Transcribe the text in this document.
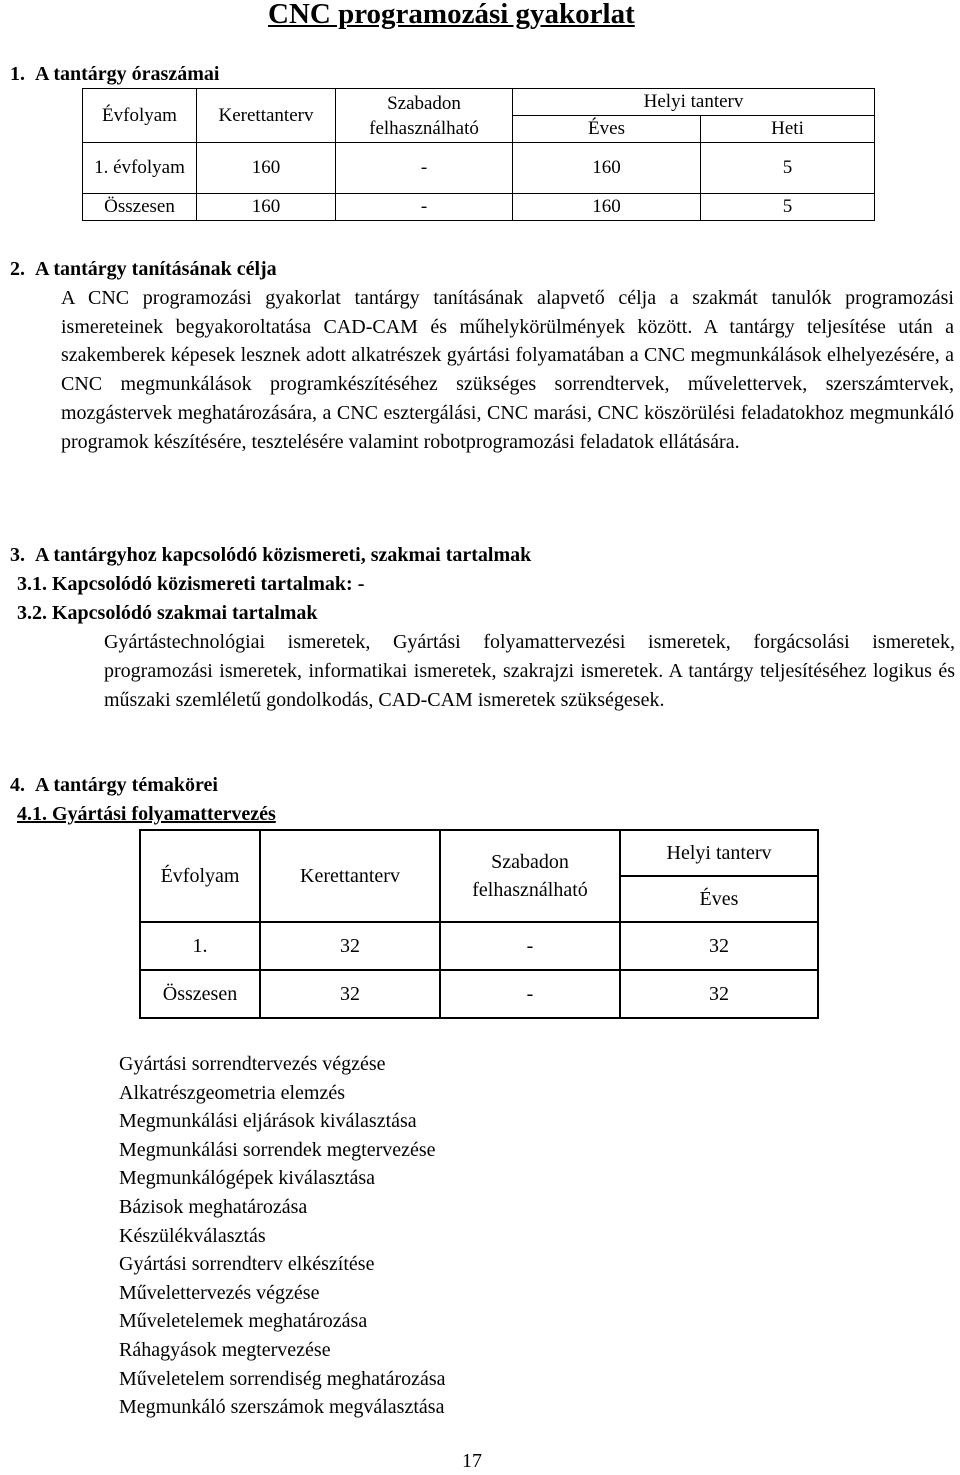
CNC programozási gyakorlat

1.  A tantárgy óraszámai

Évfolyam	Kerettanterv	Szabadon felhasználható	Helyi tanterv	
			Éves	Heti
1. évfolyam	160	-	160	5
Összesen	160	-	160	5

2.  A tantárgy tanításának célja

A CNC programozási gyakorlat tantárgy tanításának alapvető célja a szakmát tanulók programozási ismereteinek begyakoroltatása CAD-CAM és műhelykörülmények között. A tantárgy teljesítése után a szakemberek képesek lesznek adott alkatrészek gyártási folyamatában a CNC megmunkálások elhelyezésére, a CNC megmunkálások programkészítéséhez szükséges sorrendtervek, művelettervek, szerszámtervek, mozgástervek meghatározására, a CNC esztergálási, CNC marási, CNC köszörülési feladatokhoz megmunkáló programok készítésére, tesztelésére valamint robotprogramozási feladatok ellátására.

3.  A tantárgyhoz kapcsolódó közismereti, szakmai tartalmak

3.1. Kapcsolódó közismereti tartalmak: -

3.2. Kapcsolódó szakmai tartalmak

Gyártástechnológiai ismeretek, Gyártási folyamattervezési ismeretek, forgácsolási ismeretek, programozási ismeretek, informatikai ismeretek, szakrajzi ismeretek. A tantárgy teljesítéséhez logikus és műszaki szemléletű gondolkodás, CAD-CAM ismeretek szükségesek.

4.  A tantárgy témakörei

4.1. Gyártási folyamattervezés

Évfolyam	Kerettanterv	Szabadon felhasználható	Helyi tanterv
			Éves
1.	32	-	32
Összesen	32	-	32
Gyártási sorrendtervezés végzése
Alkatrészgeometria elemzés
Megmunkálási eljárások kiválasztása
Megmunkálási sorrendek megtervezése
Megmunkálógépek kiválasztása
Bázisok meghatározása
Készülékválasztás
Gyártási sorrendterv elkészítése
Művelettervezés végzése
Műveletelemek meghatározása
Ráhagyások megtervezése
Műveletelem sorrendiség meghatározása
Megmunkáló szerszámok megválasztása
17
